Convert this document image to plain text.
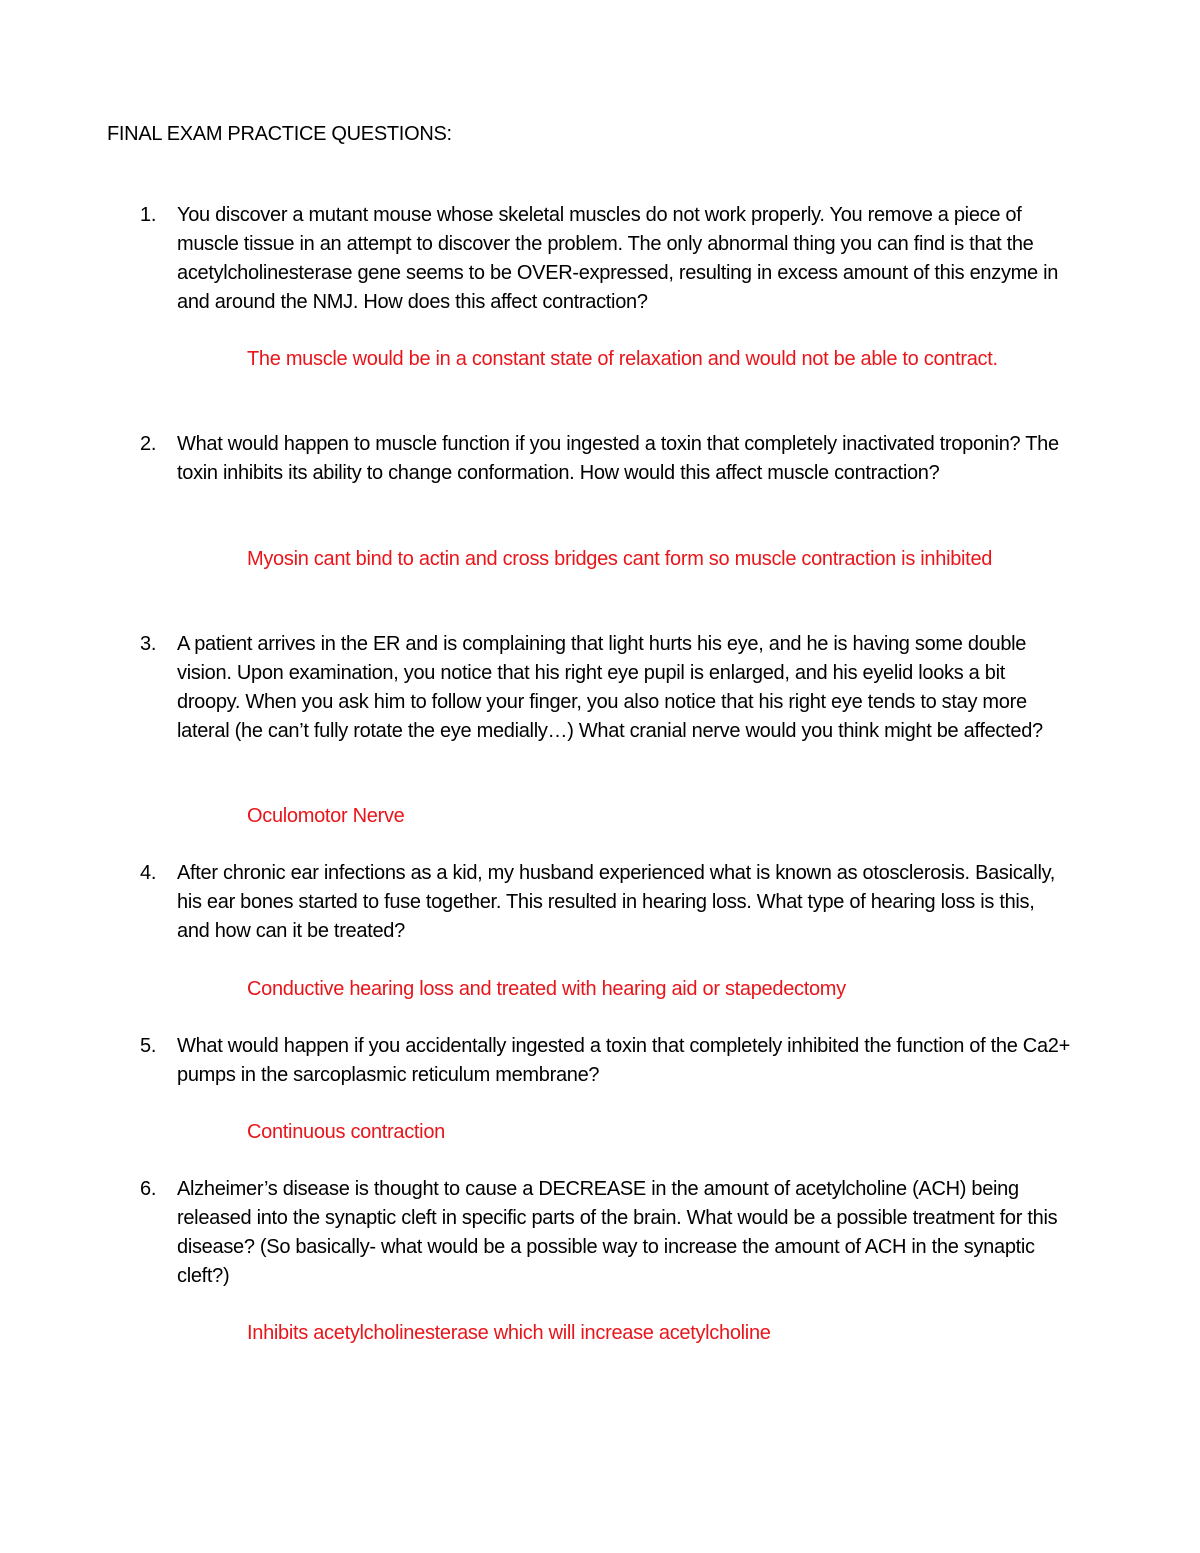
FINAL EXAM PRACTICE QUESTIONS:
1. You discover a mutant mouse whose skeletal muscles do not work properly. You remove a piece of muscle tissue in an attempt to discover the problem. The only abnormal thing you can find is that the acetylcholinesterase gene seems to be OVER-expressed, resulting in excess amount of this enzyme in and around the NMJ. How does this affect contraction?

The muscle would be in a constant state of relaxation and would not be able to contract.

2. What would happen to muscle function if you ingested a toxin that completely inactivated troponin? The toxin inhibits its ability to change conformation. How would this affect muscle contraction?

Myosin cant bind to actin and cross bridges cant form so muscle contraction is inhibited

3. A patient arrives in the ER and is complaining that light hurts his eye, and he is having some double vision. Upon examination, you notice that his right eye pupil is enlarged, and his eyelid looks a bit droopy. When you ask him to follow your finger, you also notice that his right eye tends to stay more lateral (he can’t fully rotate the eye medially…) What cranial nerve would you think might be affected?

Oculomotor Nerve

4. After chronic ear infections as a kid, my husband experienced what is known as otosclerosis. Basically, his ear bones started to fuse together. This resulted in hearing loss. What type of hearing loss is this, and how can it be treated?

Conductive hearing loss and treated with hearing aid or stapedectomy

5. What would happen if you accidentally ingested a toxin that completely inhibited the function of the Ca2+ pumps in the sarcoplasmic reticulum membrane?

Continuous contraction

6. Alzheimer’s disease is thought to cause a DECREASE in the amount of acetylcholine (ACH) being released into the synaptic cleft in specific parts of the brain. What would be a possible treatment for this disease? (So basically- what would be a possible way to increase the amount of ACH in the synaptic cleft?)

Inhibits acetylcholinesterase which will increase acetylcholine
